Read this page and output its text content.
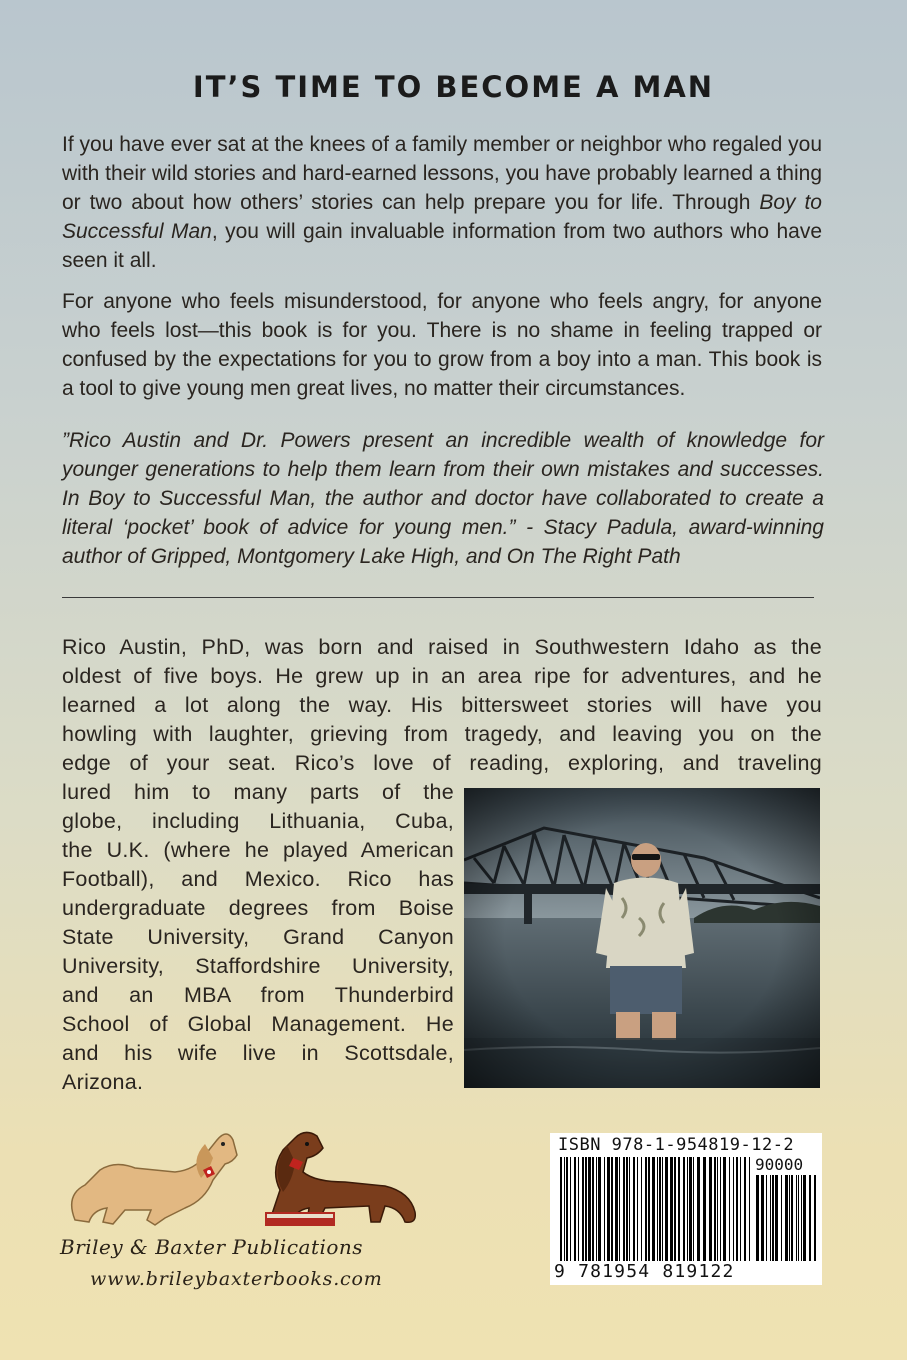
IT’S TIME TO BECOME A MAN

If you have ever sat at the knees of a family member or neighbor who regaled you with their wild stories and hard-earned lessons, you have probably learned a thing or two about how others’ stories can help prepare you for life. Through Boy to Successful Man, you will gain invaluable information from two authors who have seen it all.

For anyone who feels misunderstood, for anyone who feels angry, for anyone who feels lost—this book is for you. There is no shame in feeling trapped or confused by the expectations for you to grow from a boy into a man. This book is a tool to give young men great lives, no matter their circumstances.

”Rico Austin and Dr. Powers present an incredible wealth of knowledge for younger generations to help them learn from their own mistakes and successes. In Boy to Successful Man, the author and doctor have collaborated to create a literal ‘pocket’ book of advice for young men.” - Stacy Padula, award-winning author of Gripped, Montgomery Lake High, and On The Right Path

Rico Austin, PhD, was born and raised in Southwestern Idaho as the
oldest of five boys. He grew up in an area ripe for adventures, and he
learned a lot along the way. His bittersweet stories will have you
howling with laughter, grieving from tragedy, and leaving you on the
edge of your seat. Rico’s love of reading, exploring, and traveling
lured him to many parts of the
globe, including Lithuania, Cuba,
the U.K. (where he played American
Football), and Mexico. Rico has
undergraduate degrees from Boise
State University, Grand Canyon
University, Staffordshire University,
and an MBA from Thunderbird
School of Global Management. He
and his wife live in Scottsdale,
Arizona.
Briley & Baxter Publications
www.brileybaxterbooks.com
ISBN 978-1-954819-12-2
90000
9 781954 819122
